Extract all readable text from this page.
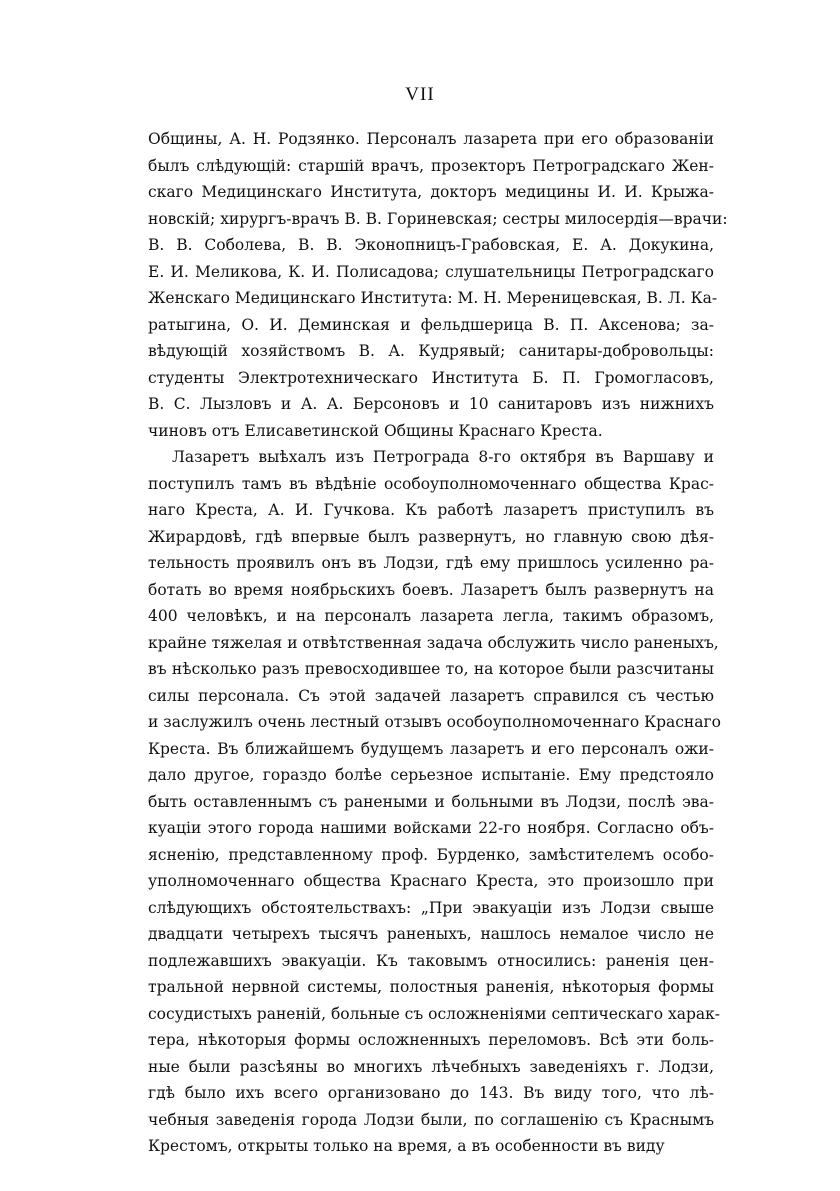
VII
Общины, А. Н. Родзянко. Персоналъ лазарета при его образованіи
былъ слѣдующій: старшій врачъ, прозекторъ Петроградскаго Жен-
скаго Медицинскаго Института, докторъ медицины И. И. Крыжа-
новскій; хирургъ-врачъ В. В. Гориневская; сестры милосердія—врачи:
В. В. Соболева, В. В. Эконопницъ-Грабовская, Е. А. Докукина,
Е. И. Меликова, К. И. Полисадова; слушательницы Петроградскаго
Женскаго Медицинскаго Института: М. Н. Мереницевская, В. Л. Ка-
ратыгина, О. И. Деминская и фельдшерица В. П. Аксенова; за-
вѣдующій хозяйствомъ В. А. Кудрявый; санитары-добровольцы:
студенты Электротехническаго Института Б. П. Громогласовъ,
В. С. Лызловъ и А. А. Берсоновъ и 10 санитаровъ изъ нижнихъ
чиновъ отъ Елисаветинской Общины Краснаго Креста.
Лазаретъ выѣхалъ изъ Петрограда 8-го октября въ Варшаву и
поступилъ тамъ въ вѣдѣніе особоуполномоченнаго общества Крас-
наго Креста, А. И. Гучкова. Къ работѣ лазаретъ приступилъ въ
Жирардовѣ, гдѣ впервые былъ развернутъ, но главную свою дѣя-
тельность проявилъ онъ въ Лодзи, гдѣ ему пришлось усиленно ра-
ботать во время ноябрьскихъ боевъ. Лазаретъ былъ развернутъ на
400 человѣкъ, и на персоналъ лазарета легла, такимъ образомъ,
крайне тяжелая и отвѣтственная задача обслужить число раненыхъ,
въ нѣсколько разъ превосходившее то, на которое были разсчитаны
силы персонала. Съ этой задачей лазаретъ справился съ честью
и заслужилъ очень лестный отзывъ особоуполномоченнаго Краснаго
Креста. Въ ближайшемъ будущемъ лазаретъ и его персоналъ ожи-
дало другое, гораздо болѣе серьезное испытаніе. Ему предстояло
быть оставленнымъ съ ранеными и больными въ Лодзи, послѣ эва-
куаціи этого города нашими войсками 22-го ноября. Согласно объ-
ясненію, представленному проф. Бурденко, замѣстителемъ особо-
уполномоченнаго общества Краснаго Креста, это произошло при
слѣдующихъ обстоятельствахъ: „При эвакуаціи изъ Лодзи свыше
двадцати четырехъ тысячъ раненыхъ, нашлось немалое число не
подлежавшихъ эвакуаціи. Къ таковымъ относились: раненія цен-
тральной нервной системы, полостныя раненія, нѣкоторыя формы
сосудистыхъ раненій, больные съ осложненіями септическаго харак-
тера, нѣкоторыя формы осложненныхъ переломовъ. Всѣ эти боль-
ные были разсѣяны во многихъ лѣчебныхъ заведеніяхъ г. Лодзи,
гдѣ было ихъ всего организовано до 143. Въ виду того, что лѣ-
чебныя заведенія города Лодзи были, по соглашенію съ Краснымъ
Крестомъ, открыты только на время, а въ особенности въ виду
